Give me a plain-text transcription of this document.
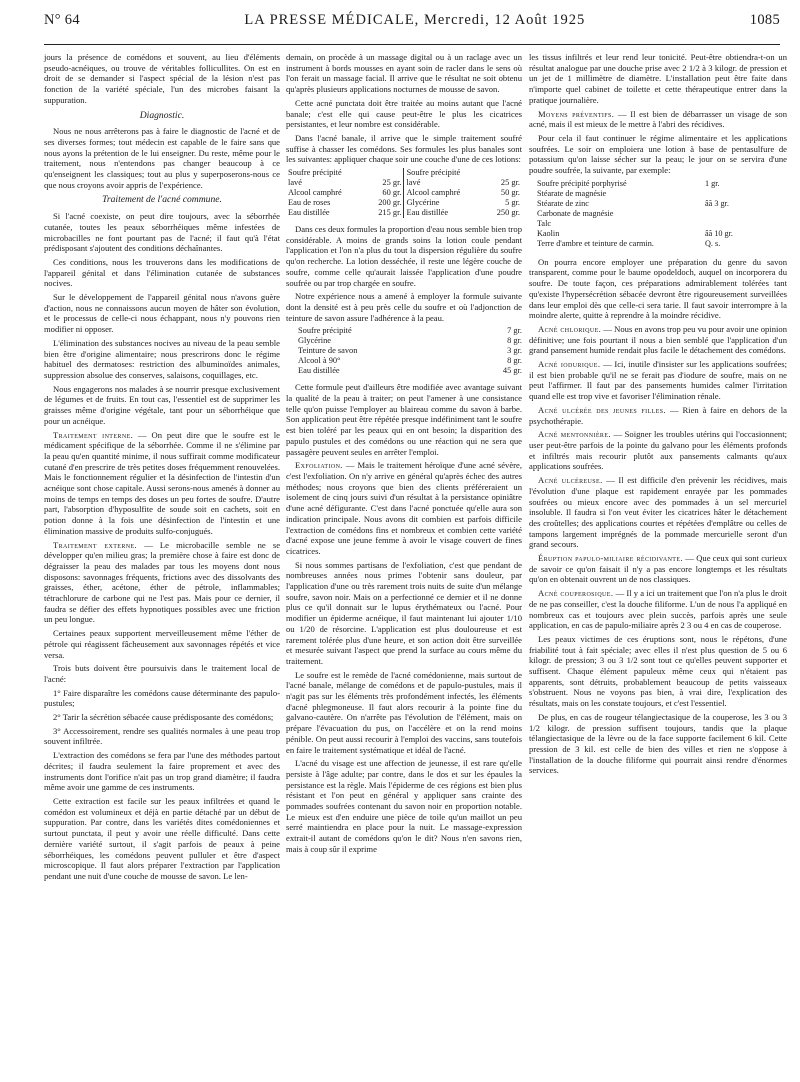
N° 64	LA PRESSE MÉDICALE, Mercredi, 12 Août 1925	1085

jours la présence de comédons et souvent, au lieu d'éléments pseudo-acnéiques, ou trouve de véritables follicullites. On est en droit de se demander si l'aspect spécial de la lésion n'est pas fonction de la variété spéciale, l'un des microbes faisant la suppuration.

Diagnostic.

Nous ne nous arrêterons pas à faire le diagnostic de l'acné et de ses diverses formes; tout médecin est capable de le faire sans que nous ayons la prétention de le lui enseigner. Du reste, même pour le traitement, nous n'entendons pas changer beaucoup à ce qu'enseignent les classiques; tout au plus y superposerons-nous ce que nous croyons avoir appris de l'expérience.

Traitement de l'acné commune.

Si l'acné coexiste, on peut dire toujours, avec la séborrhée cutanée, toutes les peaux séborrhéiques même infestées de microbacilles ne font pourtant pas de l'acné; il faut qu'à l'état prédisposant s'ajoutent des conditions déchaînantes.

Ces conditions, nous les trouverons dans les modifications de l'appareil génital et dans l'élimination cutanée de substances nocives.

Sur le développement de l'appareil génital nous n'avons guère d'action, nous ne connaissons aucun moyen de hâter son évolution, et le processus de celle-ci nous échappant, nous n'y pouvons rien modifier ni opposer.

L'élimination des substances nocives au niveau de la peau semble bien être d'origine alimentaire; nous prescrirons donc le régime habituel des dermatoses: restriction des albuminoïdes animales, suppression absolue des conserves, salaisons, coquillages, etc.

Nous engagerons nos malades à se nourrir presque exclusivement de légumes et de fruits. En tout cas, l'essentiel est de supprimer les graisses même d'origine végétale, tant pour un séborrhéique que pour un acnéique.

Traitement interne. — On peut dire que le soufre est le médicament spécifique de la séborrhée. Comme il ne s'élimine par la peau qu'en quantité minime, il nous suffirait comme modificateur cutané d'en prescrire de très petites doses fréquemment renouvelées. Mais le fonctionnement régulier et la désinfection de l'intestin d'un acnéique sont chose capitale. Aussi serons-nous amenés à donner au moins de temps en temps des doses un peu fortes de soufre. D'autre part, l'absorption d'hyposulfite de soude soit en cachets, soit en potion donne à la fois une désinfection de l'intestin et une élimination massive de produits sulfo-conjugués.

Traitement externe. — Le microbacille semble ne se développer qu'en milieu gras; la première chose à faire est donc de dégraisser la peau des malades par tous les moyens dont nous disposons: savonnages fréquents, frictions avec des dissolvants des graisses, éther, acétone, éther de pétrole, inflammables; tétrachlorure de carbone qui ne l'est pas. Mais pour ce dernier, il faudra se défier des effets hypnotiques possibles avec une friction un peu longue.

Certaines peaux supportent merveilleusement même l'éther de pétrole qui réagissent fâcheusement aux savonnages répétés et vice versa.

Trois buts doivent être poursuivis dans le traitement local de l'acné:

1° Faire disparaître les comédons cause déterminante des papulo-pustules;

2° Tarir la sécrétion sébacée cause prédisposante des comédons;

3° Accessoirement, rendre ses qualités normales à une peau trop souvent infiltrée.

L'extraction des comédons se fera par l'une des méthodes partout décrites; il faudra seulement la faire proprement et avec des instruments dont l'orifice n'ait pas un trop grand diamètre; il faudra même avoir une gamme de ces instruments.

Cette extraction est facile sur les peaux infiltrées et quand le comédon est volumineux et déjà en partie détaché par un début de suppuration. Par contre, dans les variétés dites comédoniennes et surtout punctata, il peut y avoir une réelle difficulté. Dans cette dernière variété surtout, il s'agit parfois de peaux à peine séborrhéiques, les comédons peuvent pulluler et être d'aspect microscopique. Il faut alors préparer l'extraction par l'application pendant une nuit d'une couche de mousse de savon. Le len-

demain, on procède à un massage digital ou à un raclage avec un instrument à bords mousses en ayant soin de racler dans le sens où l'on ferait un massage facial. Il arrive que le résultat ne soit obtenu qu'après plusieurs applications nocturnes de mousse de savon.

Cette acné punctata doit être traitée au moins autant que l'acné banale; c'est elle qui cause peut-être le plus les cicatrices persistantes, et leur nombre est considérable.

Dans l'acné banale, il arrive que le simple traitement soufré suffise à chasser les comédons. Ses formules les plus banales sont les suivantes: appliquer chaque soir une couche d'une de ces lotions:

Soufre précipité		Soufre précipité	
lavé	25 gr.	lavé	25 gr.
Alcool camphré	60 gr.	Alcool camphré	50 gr.
Eau de roses	200 gr.	Glycérine	5 gr.
Eau distillée	215 gr.	Eau distillée	250 gr.

Dans ces deux formules la proportion d'eau nous semble bien trop considérable. A moins de grands soins la lotion coule pendant l'application et l'on n'a plus du tout la dispersion régulière du soufre qu'on recherche. La lotion desséchée, il reste une légère couche de soufre, comme celle qu'aurait laissée l'application d'une poudre soufrée ou par trop chargée en soufre.

Notre expérience nous a amené à employer la formule suivante dont la densité est à peu près celle du soufre et où l'adjonction de teinture de savon assure l'adhérence à la peau.

Soufre précipité	7 gr.
Glycérine	8 gr.
Teinture de savon	3 gr.
Alcool à 90°	8 gr.
Eau distillée	45 gr.

Cette formule peut d'ailleurs être modifiée avec avantage suivant la qualité de la peau à traiter; on peut l'amener à une consistance telle qu'on puisse l'employer au blaireau comme du savon à barbe. Son application peut être répétée presque indéfiniment tant le soufre est bien toléré par les peaux qui en ont besoin; la disparition des papulo pustules et des comédons ou une réaction qui ne sera que passagère peuvent seules en arrêter l'emploi.

Exfoliation. — Mais le traitement héroïque d'une acné sévère, c'est l'exfoliation. On n'y arrive en général qu'après échec des autres méthodes; nous croyons que bien des clients préféreraient un isolement de cinq jours suivi d'un résultat à la persistance opiniâtre d'une acné défigurante. C'est dans l'acné ponctuée qu'elle aura son indication principale. Nous avons dit combien est parfois difficile l'extraction de comédons fins et nombreux et combien cette variété d'acné expose une jeune femme à avoir le visage couvert de fines cicatrices.

Si nous sommes partisans de l'exfoliation, c'est que pendant de nombreuses années nous primes l'obtenir sans douleur, par l'application d'une ou très rarement trois nuits de suite d'un mélange soufre, savon noir. Mais on a perfectionné ce dernier et il ne donne plus ce qu'il donnait sur le lupus érythémateux ou l'acné. Pour modifier un épiderme acnéique, il faut maintenant lui ajouter 1/10 ou 1/20 de résorcine. L'application est plus douloureuse et est rarement tolérée plus d'une heure, et son action doit être surveillée et mesurée suivant l'aspect que prend la surface au cours même du traitement.

Le soufre est le remède de l'acné comédonienne, mais surtout de l'acné banale, mélange de comédons et de papulo-pustules, mais il n'agit pas sur les éléments très profondément infectés, les éléments d'acné phlegmoneuse. Il faut alors recourir à la pointe fine du galvano-cautère. On n'arrête pas l'évolution de l'élément, mais on prépare l'évacuation du pus, on l'accélère et on la rend moins pénible. On peut aussi recourir à l'emploi des vaccins, sans toutefois en faire le traitement systématique et idéal de l'acné.

L'acné du visage est une affection de jeunesse, il est rare qu'elle persiste à l'âge adulte; par contre, dans le dos et sur les épaules la persistance est la règle. Mais l'épiderme de ces régions est bien plus résistant et l'on peut en général y appliquer sans crainte des pommades soufrées contenant du savon noir en proportion notable. Le mieux est d'en enduire une pièce de toile qu'un maillot un peu serré maintiendra en place pour la nuit. Le massage-expression extrait-il autant de comédons qu'on le dit? Nous n'en savons rien, mais à coup sûr il exprime

les tissus infiltrés et leur rend leur tonicité. Peut-être obtiendra-t-on un résultat analogue par une douche prise avec 2 1/2 à 3 kilogr. de pression et un jet de 1 millimètre de diamètre. L'installation peut être faite dans n'importe quel cabinet de toilette et cette thérapeutique entrer dans la pratique journalière.

Moyens préventifs. — Il est bien de débarrasser un visage de son acné, mais il est mieux de le mettre à l'abri des récidives.

Pour cela il faut continuer le régime alimentaire et les applications soufrées. Le soir on emploiera une lotion à base de pentasulfure de potassium qu'on laisse sécher sur la peau; le jour on se servira d'une poudre soufrée, la suivante, par exemple:

Soufre précipité porphyrisé	1 gr.
Stéarate de magnésie
Stéarate de zinc	âã 3 gr.
Carbonate de magnésie
Talc
Kaolin	âã 10 gr.
Terre d'ambre et teinture de carmin.	Q. s.

On pourra encore employer une préparation du genre du savon transparent, comme pour le baume opodeldoch, auquel on incorporera du soufre. De toute façon, ces préparations admirablement tolérées tant qu'existe l'hypersécrétion sébacée devront être rigoureusement surveillées dans leur emploi dès que celle-ci sera tarie. Il faut savoir interrompre à la moindre alerte, quitte à reprendre à la moindre récidive.

Acné chlorique. — Nous en avons trop peu vu pour avoir une opinion définitive; une fois pourtant il nous a bien semblé que l'application d'un grand pansement humide rendait plus facile le détachement des comédons.

Acné iodurique. — Ici, inutile d'insister sur les applications soufrées; il est bien probable qu'il ne se ferait pas d'iodure de soufre, mais on ne peut l'affirmer. Il faut par des pansements humides calmer l'irritation quand elle est trop vive et favoriser l'élimination rénale.

Acné ulcérée des jeunes filles. — Rien à faire en dehors de la psychothérapie.

Acné mentonnière. — Soigner les troubles utérins qui l'occasionnent; user peut-être parfois de la pointe du galvano pour les éléments profonds et infiltrés mais recourir plutôt aux pansements calmants qu'aux applications soufrées.

Acné ulcéreuse. — Il est difficile d'en prévenir les récidives, mais l'évolution d'une plaque est rapidement enrayée par les pommades soufrées ou mieux encore avec des pommades à un sel mercuriel insoluble. Il faudra si l'on veut éviter les cicatrices hâter le détachement des croûtelles; des applications courtes et répétées d'emplâtre ou celles de tampons largement imprégnés de la pommade mercurielle seront d'un grand secours.

Éruption papulo-miliaire récidivante. — Que ceux qui sont curieux de savoir ce qu'on faisait il n'y a pas encore longtemps et les résultats qu'on en obtenait ouvrent un de nos classiques.

Acné couperosique. — Il y a ici un traitement que l'on n'a plus le droit de ne pas conseiller, c'est la douche filiforme. L'un de nous l'a appliqué en nombreux cas et toujours avec plein succès, parfois après une seule application, en cas de papulo-miliaire après 2 3 ou 4 en cas de couperose.

Les peaux victimes de ces éruptions sont, nous le répétons, d'une friabilité tout à fait spéciale; avec elles il n'est plus question de 5 ou 6 kilogr. de pression; 3 ou 3 1/2 sont tout ce qu'elles peuvent supporter et suffisent. Chaque élément papuleux même ceux qui n'étaient pas apparents, sont détruits, probablement beaucoup de petits vaisseaux s'obstruent. Nous ne voyons pas bien, à vrai dire, l'explication des résultats, mais on les constate toujours, et c'est l'essentiel.

De plus, en cas de rougeur télangiectasique de la couperose, les 3 ou 3 1/2 kilogr. de pression suffisent toujours, tandis que la plaque télangiectasique de la lèvre ou de la face supporte facilement 6 kil. Cette pression de 3 kil. est celle de bien des villes et rien ne s'oppose à l'installation de la douche filiforme qui pourrait ainsi rendre d'énormes services.
